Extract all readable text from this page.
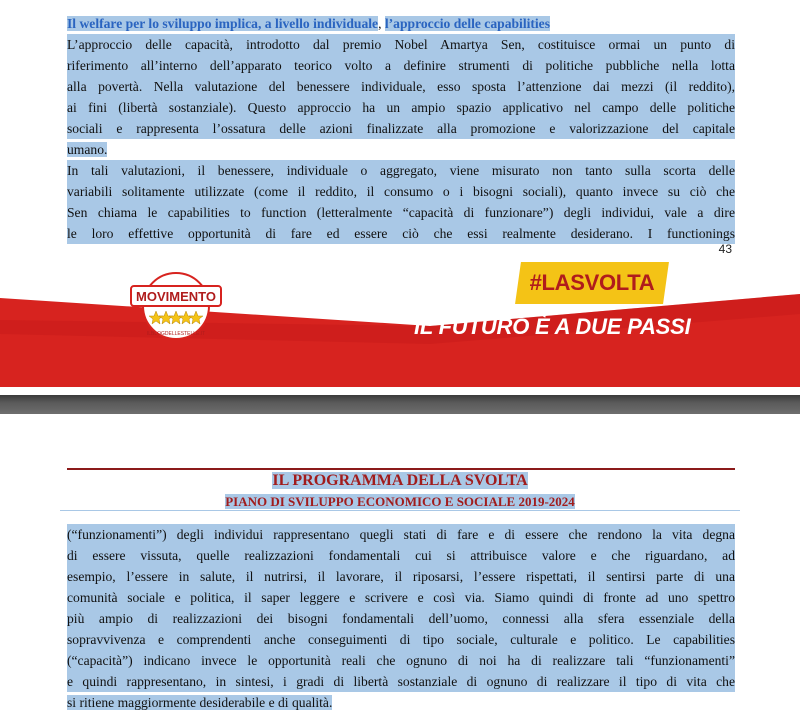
Il welfare per lo sviluppo implica, a livello individuale, l’approccio delle capabilities
L’approccio delle capacità, introdotto dal premio Nobel Amartya Sen, costituisce ormai un punto di
riferimento all’interno dell’apparato teorico volto a definire strumenti di politiche pubbliche nella lotta
alla povertà. Nella valutazione del benessere individuale, esso sposta l’attenzione dai mezzi (il reddito),
ai fini (libertà sostanziale). Questo approccio ha un ampio spazio applicativo nel campo delle politiche
sociali e rappresenta l’ossatura delle azioni finalizzate alla promozione e valorizzazione del capitale
umano.
In tali valutazioni, il benessere, individuale o aggregato, viene misurato non tanto sulla scorta delle
variabili solitamente utilizzate (come il reddito, il consumo o i bisogni sociali), quanto invece su ciò che
Sen chiama le capabilities to function (letteralmente “capacità di funzionare”) degli individui, vale a dire
le loro effettive opportunità di fare ed essere ciò che essi realmente desiderano. I functionings
43
MOVIMENTO
ILBLOGDELLESTELLE.IT
#LASVOLTA
IL FUTURO È A DUE PASSI
IL PROGRAMMA DELLA SVOLTA
PIANO DI SVILUPPO ECONOMICO E SOCIALE 2019-2024
(“funzionamenti”) degli individui rappresentano quegli stati di fare e di essere che rendono la vita degna
di essere vissuta, quelle realizzazioni fondamentali cui si attribuisce valore e che riguardano, ad
esempio, l’essere in salute, il nutrirsi, il lavorare, il riposarsi, l’essere rispettati, il sentirsi parte di una
comunità sociale e politica, il saper leggere e scrivere e così via. Siamo quindi di fronte ad uno spettro
più ampio di realizzazioni dei bisogni fondamentali dell’uomo, connessi alla sfera essenziale della
sopravvivenza e comprendenti anche conseguimenti di tipo sociale, culturale e politico. Le capabilities
(“capacità”) indicano invece le opportunità reali che ognuno di noi ha di realizzare tali “funzionamenti”
e quindi rappresentano, in sintesi, i gradi di libertà sostanziale di ognuno di realizzare il tipo di vita che
si ritiene maggiormente desiderabile e di qualità.
